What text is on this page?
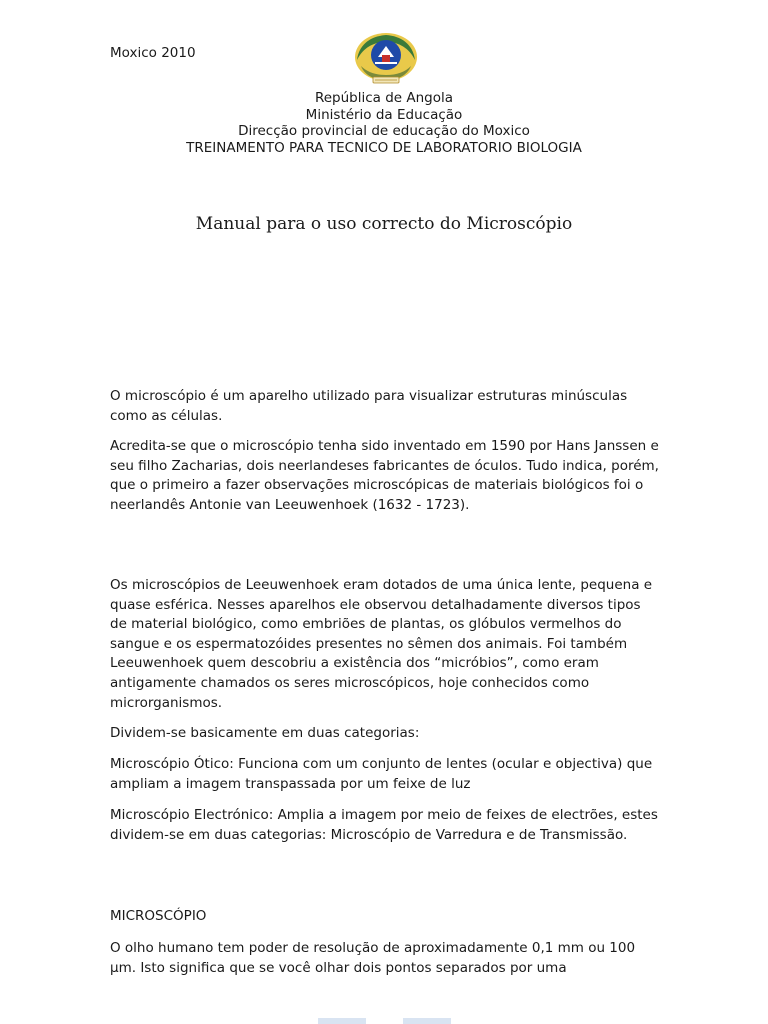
Moxico 2010
República de Angola
Ministério da Educação
Direcção provincial de educação do Moxico
TREINAMENTO PARA TECNICO DE LABORATORIO BIOLOGIA
Manual para o uso correcto do Microscópio

O microscópio é um aparelho utilizado para visualizar estruturas minúsculas como as células.

Acredita-se que o microscópio tenha sido inventado em 1590 por Hans Janssen e seu filho Zacharias, dois neerlandeses fabricantes de óculos. Tudo indica, porém, que o primeiro a fazer observações microscópicas de materiais biológicos foi o neerlandês Antonie van Leeuwenhoek (1632 - 1723).

Os microscópios de Leeuwenhoek eram dotados de uma única lente, pequena e quase esférica. Nesses aparelhos ele observou detalhadamente diversos tipos de material biológico, como embriões de plantas, os glóbulos vermelhos do sangue e os espermatozóides presentes no sêmen dos animais. Foi também Leeuwenhoek quem descobriu a existência dos “micróbios”, como eram antigamente chamados os seres microscópicos, hoje conhecidos como microrganismos.

Dividem-se basicamente em duas categorias:

Microscópio Ótico: Funciona com um conjunto de lentes (ocular e objectiva) que ampliam a imagem transpassada por um feixe de luz

Microscópio Electrónico: Amplia a imagem por meio de feixes de electrões, estes dividem-se em duas categorias: Microscópio de Varredura e de Transmissão.

MICROSCÓPIO

O olho humano tem poder de resolução de aproximadamente 0,1 mm ou 100 µm. Isto significa que se você olhar dois pontos separados por uma
